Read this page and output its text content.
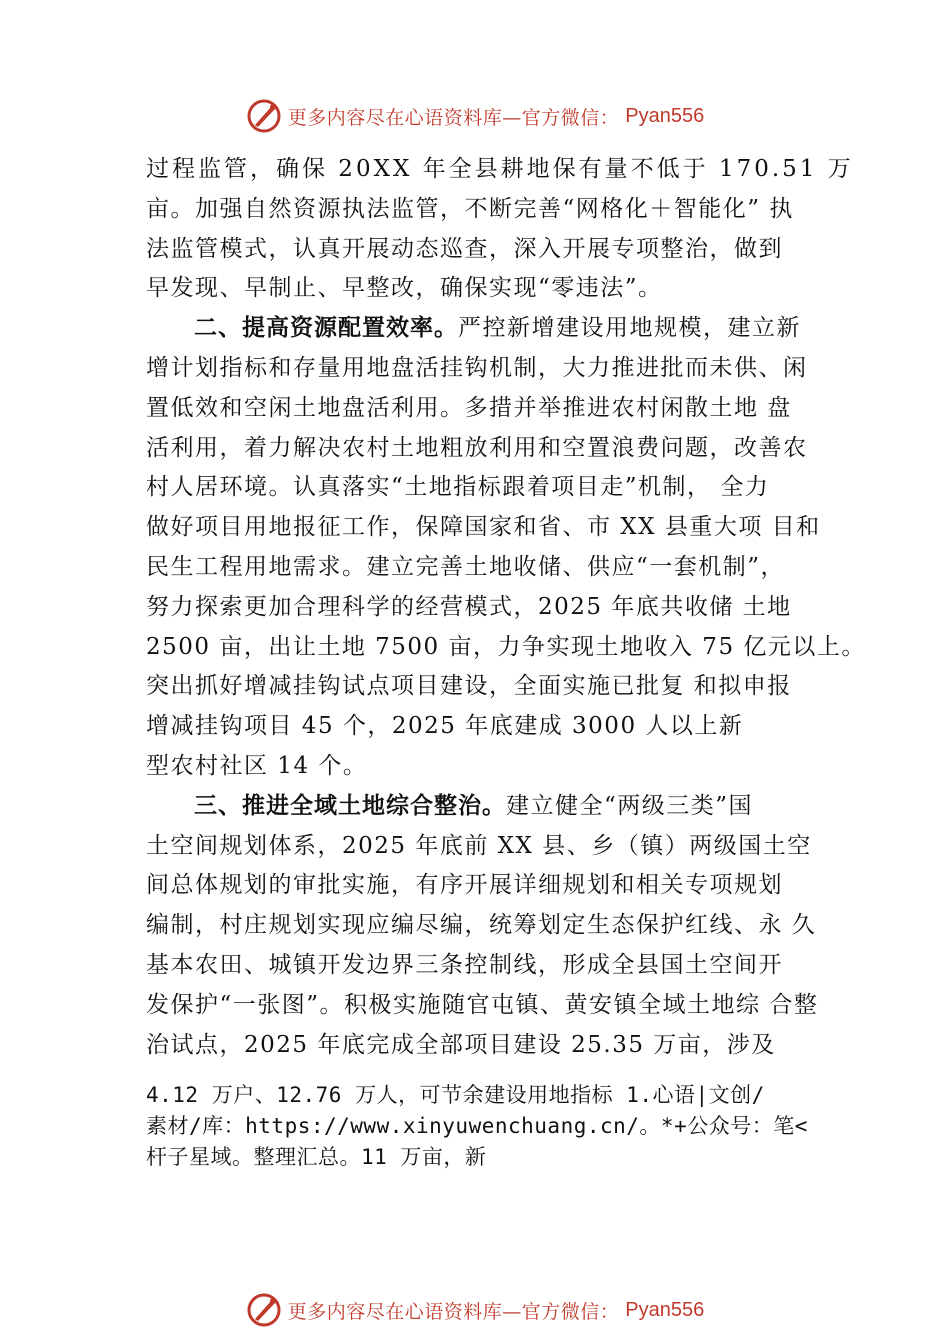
更多内容尽在心语资料库—官方微信： Pyan556
过程监管，确保 20XX 年全县耕地保有量不低于 170.51 万
亩。加强自然资源执法监管，不断完善“网格化＋智能化” 执
法监管模式，认真开展动态巡查，深入开展专项整治，做到
早发现、早制止、早整改，确保实现“零违法”。
二、提高资源配置效率。严控新增建设用地规模，建立新
增计划指标和存量用地盘活挂钩机制，大力推进批而未供、闲
置低效和空闲土地盘活利用。多措并举推进农村闲散土地 盘
活利用，着力解决农村土地粗放利用和空置浪费问题，改善农
村人居环境。认真落实“土地指标跟着项目走”机制， 全力
做好项目用地报征工作，保障国家和省、市 XX 县重大项 目和
民生工程用地需求。建立完善土地收储、供应“一套机制”，
努力探索更加合理科学的经营模式，2025 年底共收储 土地
2500 亩，出让土地 7500 亩，力争实现土地收入 75 亿元以上。
突出抓好增减挂钩试点项目建设，全面实施已批复 和拟申报
增减挂钩项目 45 个，2025 年底建成 3000 人以上新
型农村社区 14 个。
三、推进全域土地综合整治。建立健全“两级三类”国
土空间规划体系，2025 年底前 XX 县、乡（镇）两级国土空
间总体规划的审批实施，有序开展详细规划和相关专项规划
编制，村庄规划实现应编尽编，统筹划定生态保护红线、永 久
基本农田、城镇开发边界三条控制线，形成全县国土空间开
发保护“一张图”。积极实施随官屯镇、黄安镇全域土地综 合整
治试点，2025 年底完成全部项目建设 25.35 万亩，涉及
4.12 万户、12.76 万人，可节余建设用地指标 1.心语|文创/
素材/库：https://www.xinyuwenchuang.cn/。*+公众号：笔<
杆子星域。整理汇总。11 万亩，新
更多内容尽在心语资料库—官方微信： Pyan556
